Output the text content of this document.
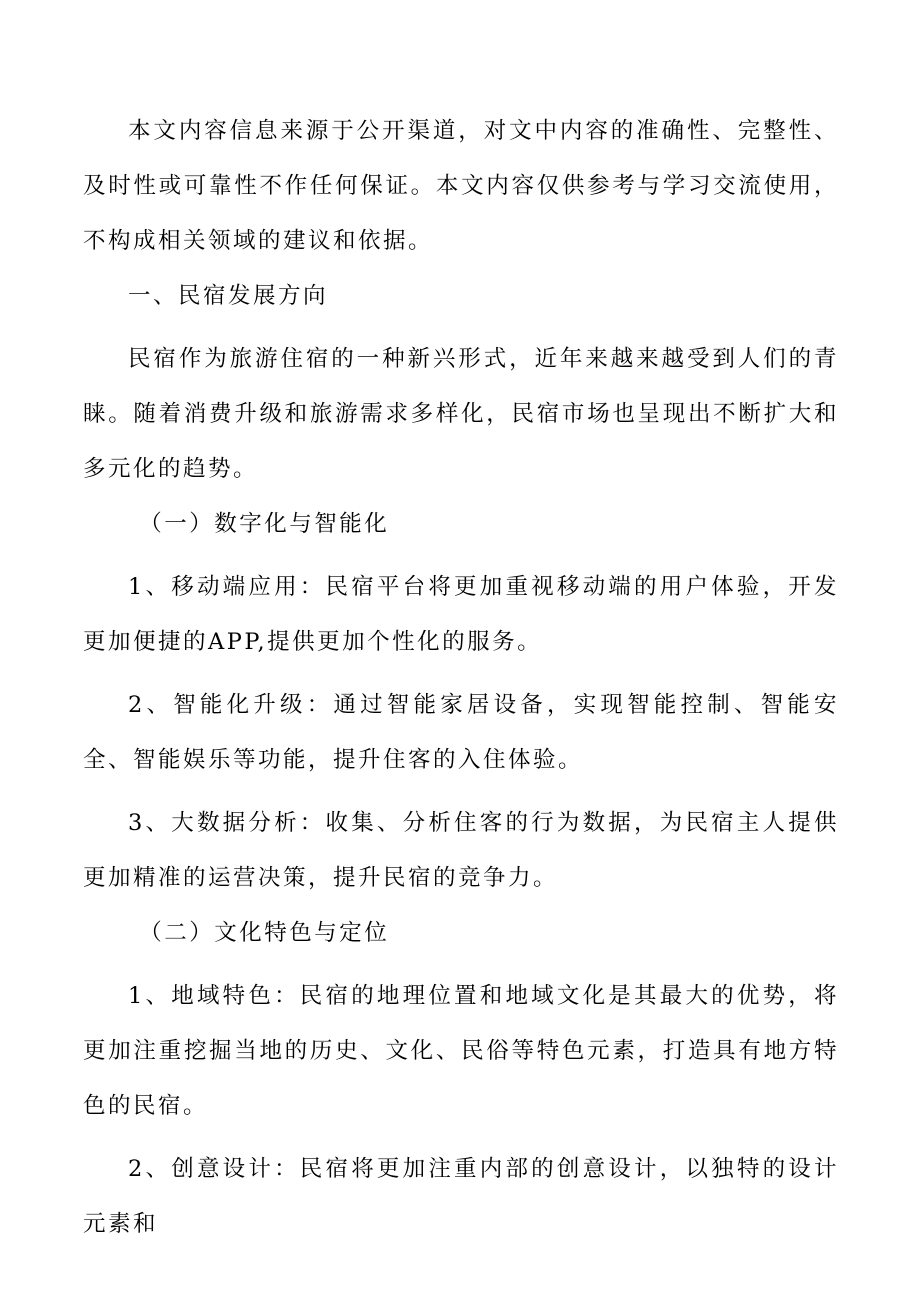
本文内容信息来源于公开渠道，对文中内容的准确性、完整性、及时性或可靠性不作任何保证。本文内容仅供参考与学习交流使用，不构成相关领域的建议和依据。

一、民宿发展方向

民宿作为旅游住宿的一种新兴形式，近年来越来越受到人们的青睐。随着消费升级和旅游需求多样化，民宿市场也呈现出不断扩大和多元化的趋势。

（一）数字化与智能化

1、移动端应用：民宿平台将更加重视移动端的用户体验，开发更加便捷的APP,提供更加个性化的服务。

2、智能化升级：通过智能家居设备，实现智能控制、智能安全、智能娱乐等功能，提升住客的入住体验。

3、大数据分析：收集、分析住客的行为数据，为民宿主人提供更加精准的运营决策，提升民宿的竞争力。

（二）文化特色与定位

1、地域特色：民宿的地理位置和地域文化是其最大的优势，将更加注重挖掘当地的历史、文化、民俗等特色元素，打造具有地方特色的民宿。

2、创意设计：民宿将更加注重内部的创意设计，以独特的设计元素和
